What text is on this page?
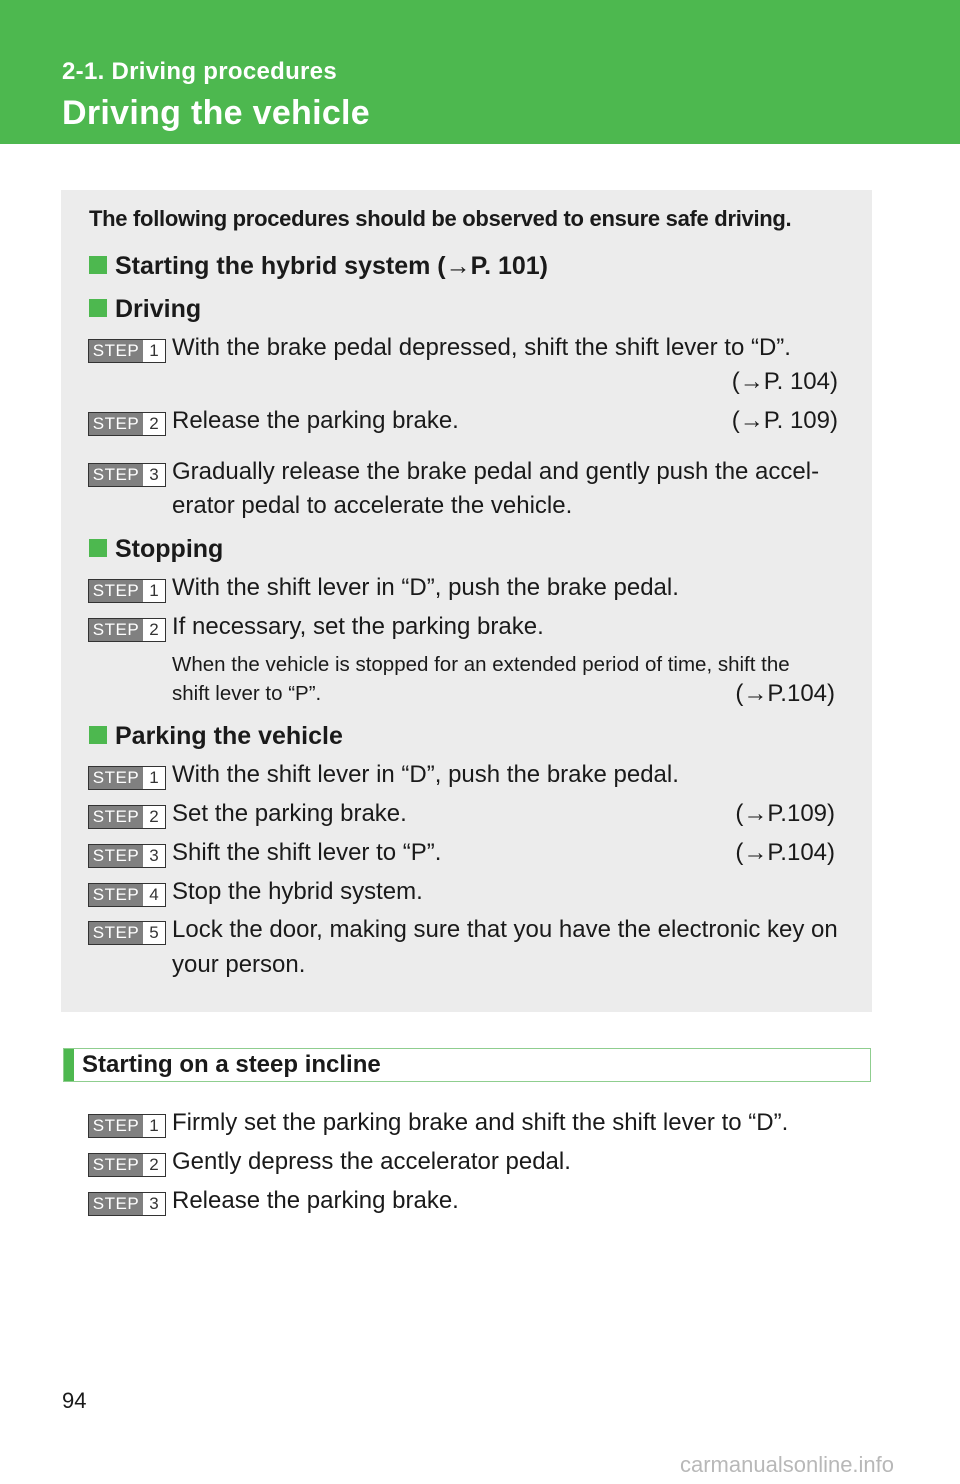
2-1. Driving procedures
Driving the vehicle
The following procedures should be observed to ensure safe driving.
Starting the hybrid system (→P. 101)
Driving
STEP 1 With the brake pedal depressed, shift the shift lever to “D”.
(→P. 104)
STEP 2 Release the parking brake.	(→P. 109)
STEP 3 Gradually release the brake pedal and gently push the accel-
erator pedal to accelerate the vehicle.
Stopping
STEP 1 With the shift lever in “D”, push the brake pedal.
STEP 2 If necessary, set the parking brake.
When the vehicle is stopped for an extended period of time, shift the
shift lever to “P”.	(→P.104)
Parking the vehicle
STEP 1 With the shift lever in “D”, push the brake pedal.
STEP 2 Set the parking brake.	(→P.109)
STEP 3 Shift the shift lever to “P”.	(→P.104)
STEP 4 Stop the hybrid system.
STEP 5 Lock the door, making sure that you have the electronic key on
your person.
Starting on a steep incline
STEP 1 Firmly set the parking brake and shift the shift lever to “D”.
STEP 2 Gently depress the accelerator pedal.
STEP 3 Release the parking brake.
94
carmanualsonline.info
